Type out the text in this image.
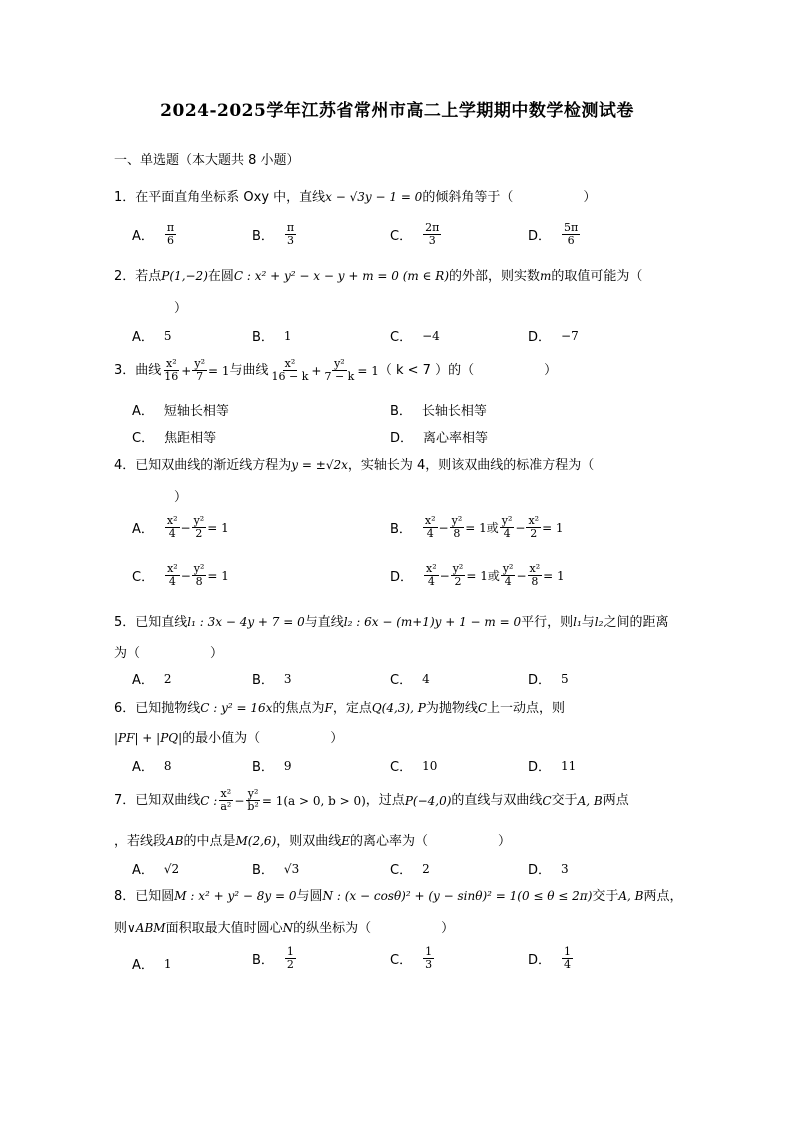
2024-2025学年江苏省常州市高二上学期期中数学检测试卷
一、单选题（本大题共 8 小题）
1．在平面直角坐标系 Oxy 中，直线x − √3y − 1 = 0的倾斜角等于（	）
A． $\frac{\pi}{6}$	B． $\frac{\pi}{3}$	C． $\frac{2\pi}{3}$	D． $\frac{5\pi}{6}$
2．若点P(1,−2)在圆C : x² + y² − x − y + m = 0 (m ∈ R)的外部，则实数m的取值可能为（
）
A． 5	B． 1	C． −4	D． −7
3． 曲线 $\frac{\text{x²}}{16} + \frac{\text{y²}}{7} = 1$ 与曲线 $\frac{\text{x²}}{16 - k} + \frac{\text{y²}}{7 - k} = 1$ （ k < 7 ）的（	）
A． 短轴长相等	B． 长轴长相等
C． 焦距相等	D． 离心率相等
4．已知双曲线的渐近线方程为y = ±√2x，实轴长为 4，则该双曲线的标准方程为（
）
A． $\frac{\text{x²}}{4} - \frac{\text{y²}}{2} = 1$	B． $\frac{\text{x²}}{4} - \frac{\text{y²}}{8} = 1$或 $\frac{\text{y²}}{4} - \frac{\text{x²}}{2} = 1$
C． $\frac{\text{x²}}{4} - \frac{\text{y²}}{8} = 1$	D． $\frac{\text{x²}}{4} - \frac{\text{y²}}{2} = 1$或 $\frac{\text{y²}}{4} - \frac{\text{x²}}{8} = 1$
5．已知直线l₁ : 3x − 4y + 7 = 0与直线l₂ : 6x − (m+1)y + 1 − m = 0平行，则l₁与l₂之间的距离
为（	）
A． 2	B． 3	C． 4	D． 5
6．已知抛物线C : y² = 16x的焦点为F，定点Q(4,3), P为抛物线C上一动点，则
|PF| + |PQ|的最小值为（	）
A． 8	B． 9	C． 10	D． 11
7． 已知双曲线 C : $\frac{\text{x²}}{\text{a²}} - \frac{\text{y²}}{\text{b²}} = 1(a > 0$, b > 0) ，过点 P(−4,0) 的直线与双曲线 C 交于 A, B 两点
，若线段AB的中点是M(2,6)，则双曲线E的离心率为（	）
A． √2	B． √3	C． 2	D． 3
8．已知圆M : x² + y² − 8y = 0与圆N : (x − cosθ)² + (y − sinθ)² = 1(0 ≤ θ ≤ 2π)交于A, B两点，
则∨ABM面积取最大值时圆心N的纵坐标为（	）
A． 1	B． $\frac{1}{2}$	C． $\frac{1}{3}$	D． $\frac{1}{4}$
